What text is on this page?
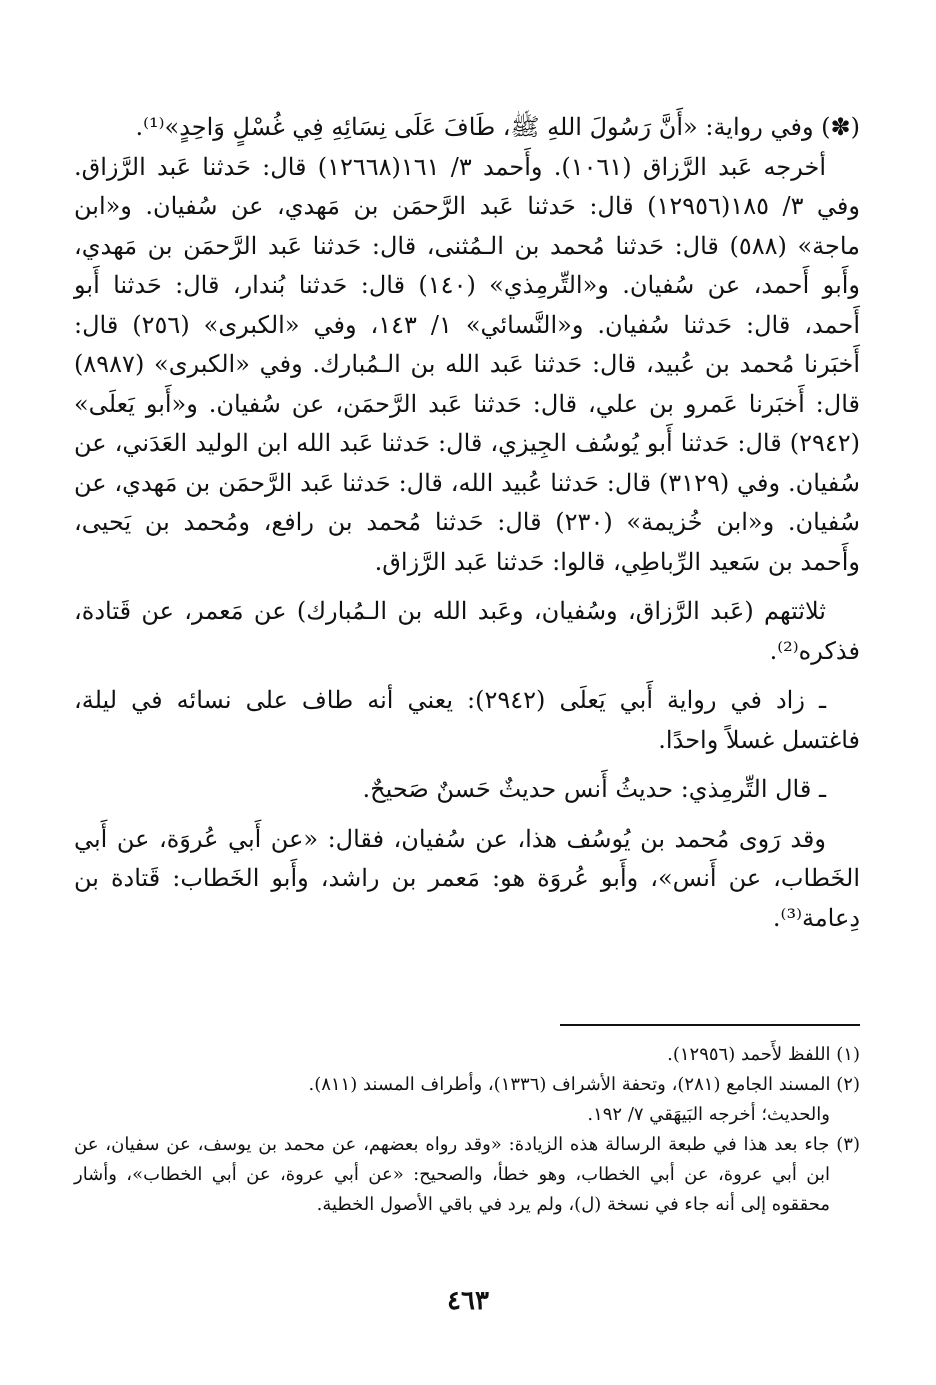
(✽) وفي رواية: «أَنَّ رَسُولَ اللهِ ﷺ، طَافَ عَلَى نِسَائِهِ فِي غُسْلٍ وَاحِدٍ»⁽¹⁾.

أخرجه عَبد الرَّزاق (١٠٦١). وأَحمد ٣/ ١٦١(١٢٦٦٨) قال: حَدثنا عَبد الرَّزاق. وفي ٣/ ١٨٥(١٢٩٥٦) قال: حَدثنا عَبد الرَّحمَن بن مَهدي، عن سُفيان. و«ابن ماجة» (٥٨٨) قال: حَدثنا مُحمد بن الـمُثنى، قال: حَدثنا عَبد الرَّحمَن بن مَهدي، وأَبو أَحمد، عن سُفيان. و«التِّرمِذي» (١٤٠) قال: حَدثنا بُندار، قال: حَدثنا أَبو أَحمد، قال: حَدثنا سُفيان. و«النَّسائي» ١/ ١٤٣، وفي «الكبرى» (٢٥٦) قال: أَخبَرنا مُحمد بن عُبيد، قال: حَدثنا عَبد الله بن الـمُبارك. وفي «الكبرى» (٨٩٨٧) قال: أَخبَرنا عَمرو بن علي، قال: حَدثنا عَبد الرَّحمَن، عن سُفيان. و«أَبو يَعلَى» (٢٩٤٢) قال: حَدثنا أَبو يُوسُف الجِيزي، قال: حَدثنا عَبد الله ابن الوليد العَدَني، عن سُفيان. وفي (٣١٢٩) قال: حَدثنا عُبيد الله، قال: حَدثنا عَبد الرَّحمَن بن مَهدي، عن سُفيان. و«ابن خُزيمة» (٢٣٠) قال: حَدثنا مُحمد بن رافع، ومُحمد بن يَحيى، وأَحمد بن سَعيد الرِّباطِي، قالوا: حَدثنا عَبد الرَّزاق.

ثلاثتهم (عَبد الرَّزاق، وسُفيان، وعَبد الله بن الـمُبارك) عن مَعمر، عن قَتادة، فذكره⁽²⁾.

ـ زاد في رواية أَبي يَعلَى (٢٩٤٢): يعني أنه طاف على نسائه في ليلة، فاغتسل غسلاً واحدًا.

ـ قال التِّرمِذي: حديثُ أَنس حديثٌ حَسنٌ صَحيحٌ.

وقد رَوى مُحمد بن يُوسُف هذا، عن سُفيان، فقال: «عن أَبي عُروَة، عن أَبي الخَطاب، عن أَنس»، وأَبو عُروَة هو: مَعمر بن راشد، وأَبو الخَطاب: قَتادة بن دِعامة⁽³⁾.

(١) اللفظ لأَحمد (١٢٩٥٦).

(٢) المسند الجامع (٢٨١)، وتحفة الأشراف (١٣٣٦)، وأطراف المسند (٨١١).

والحديث؛ أخرجه البَيهَقي ٧/ ١٩٢.

(٣) جاء بعد هذا في طبعة الرسالة هذه الزيادة: «وقد رواه بعضهم، عن محمد بن يوسف، عن سفيان، عن ابن أبي عروة، عن أبي الخطاب، وهو خطأ، والصحيح: «عن أبي عروة، عن أبي الخطاب»، وأشار محققوه إلى أنه جاء في نسخة (ل)، ولم يرد في باقي الأصول الخطية.

٤٦٣
